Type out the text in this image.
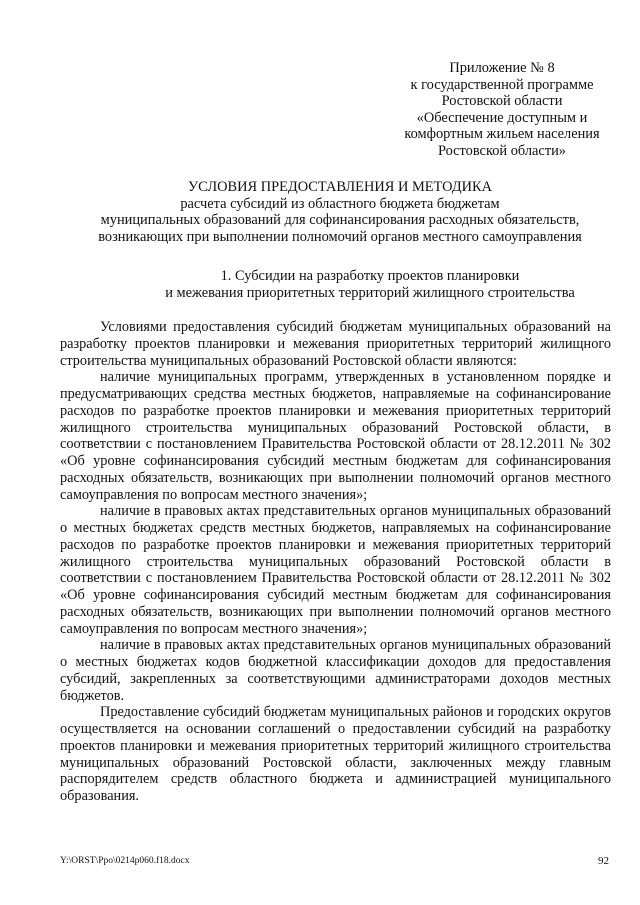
Приложение № 8
к государственной программе
Ростовской области
«Обеспечение доступным и
комфортным жильем населения
Ростовской области»
УСЛОВИЯ ПРЕДОСТАВЛЕНИЯ И МЕТОДИКА
расчета субсидий из областного бюджета бюджетам
муниципальных образований для софинансирования расходных обязательств,
возникающих при выполнении полномочий органов местного самоуправления
1. Субсидии на разработку проектов планировки
и межевания приоритетных территорий жилищного строительства

Условиями предоставления субсидий бюджетам муниципальных образований на разработку проектов планировки и межевания приоритетных территорий жилищного строительства муниципальных образований Ростовской области являются:

наличие муниципальных программ, утвержденных в установленном порядке и предусматривающих средства местных бюджетов, направляемые на софинансирование расходов по разработке проектов планировки и межевания приоритетных территорий жилищного строительства муниципальных образований Ростовской области, в соответствии с постановлением Правительства Ростовской области от 28.12.2011 № 302 «Об уровне софинансирования субсидий местным бюджетам для софинансирования расходных обязательств, возникающих при выполнении полномочий органов местного самоуправления по вопросам местного значения»;

наличие в правовых актах представительных органов муниципальных образований о местных бюджетах средств местных бюджетов, направляемых на софинансирование расходов по разработке проектов планировки и межевания приоритетных территорий жилищного строительства муниципальных образований Ростовской области в соответствии с постановлением Правительства Ростовской области от 28.12.2011 № 302 «Об уровне софинансирования субсидий местным бюджетам для софинансирования расходных обязательств, возникающих при выполнении полномочий органов местного самоуправления по вопросам местного значения»;

наличие в правовых актах представительных органов муниципальных образований о местных бюджетах кодов бюджетной классификации доходов для предоставления субсидий, закрепленных за соответствующими администраторами доходов местных бюджетов.

Предоставление субсидий бюджетам муниципальных районов и городских округов осуществляется на основании соглашений о предоставлении субсидий на разработку проектов планировки и межевания приоритетных территорий жилищного строительства муниципальных образований Ростовской области, заключенных между главным распорядителем средств областного бюджета и администрацией муниципального образования.

Y:\ORST\Ppo\0214p060.f18.docx	92
